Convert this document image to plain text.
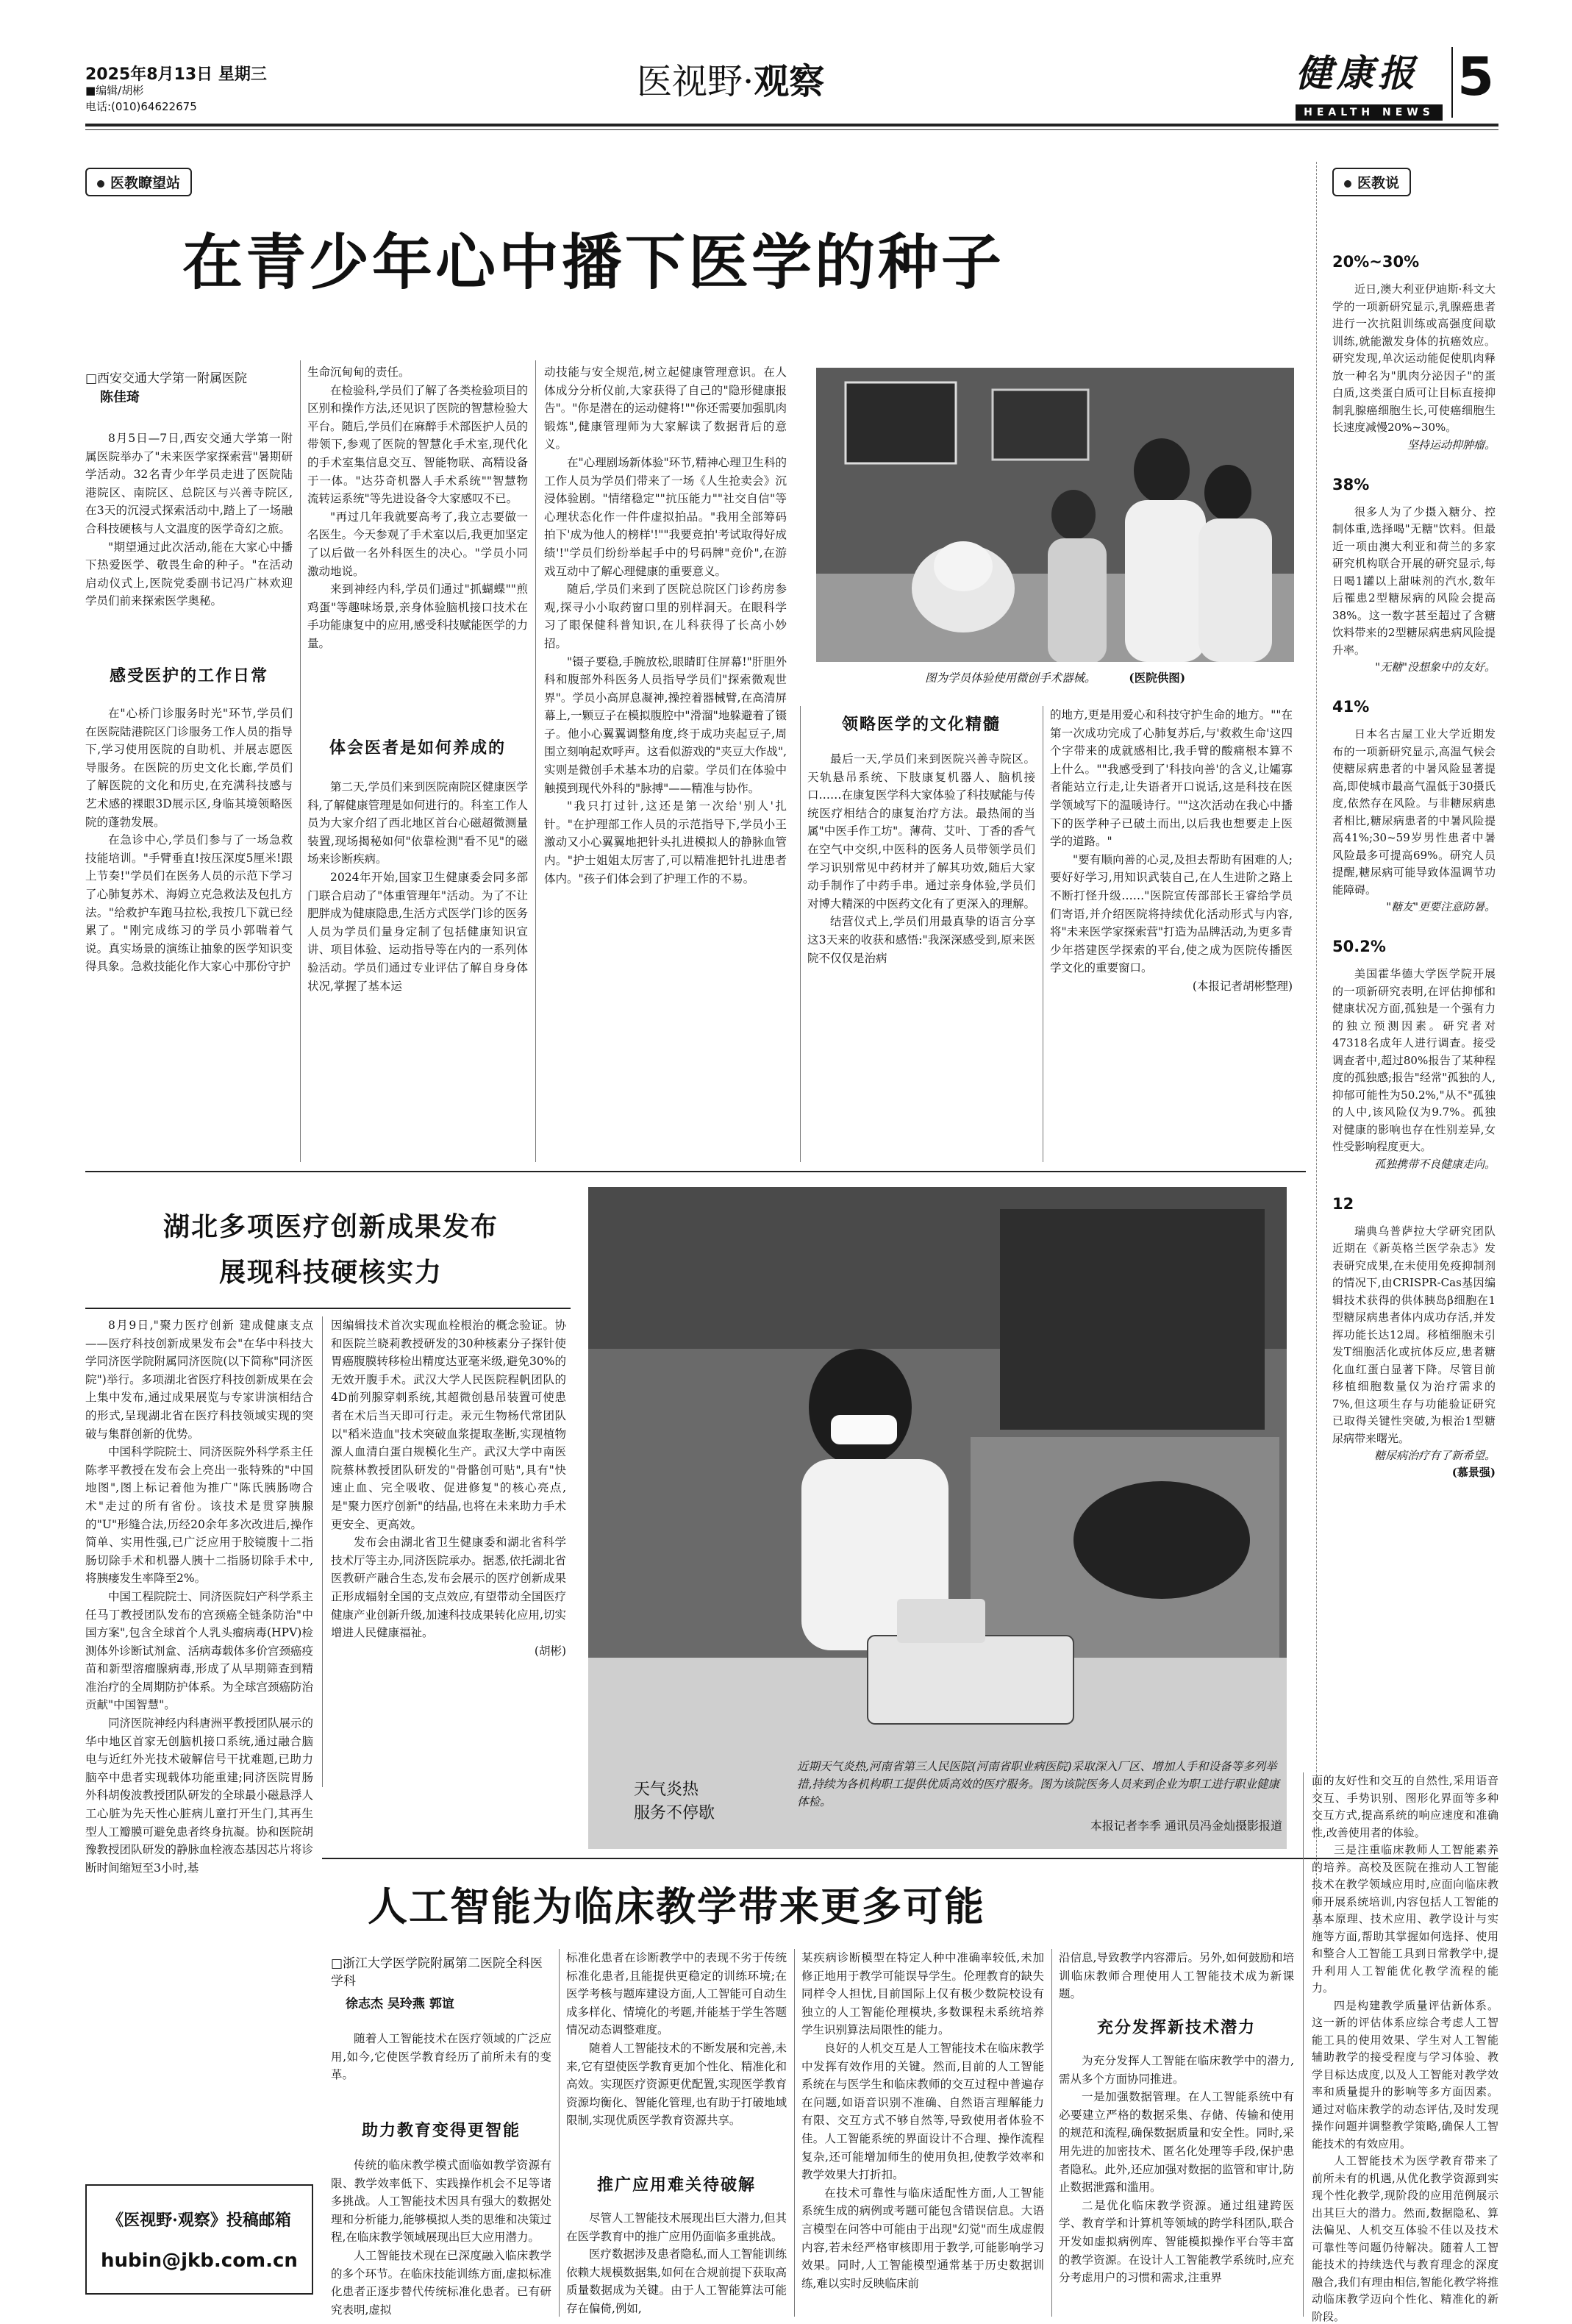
2025年8月13日 星期三
■编辑/胡彬
电话:(010)64622675
医视野·观察	健康报
HEALTH NEWS
5
医教瞭望站
在青少年心中播下医学的种子
□西安交通大学第一附属医院
陈佳琦

8月5日—7日,西安交通大学第一附属医院举办了"未来医学家探索营"暑期研学活动。32名青少年学员走进了医院陆港院区、南院区、总院区与兴善寺院区,在3天的沉浸式探索活动中,踏上了一场融合科技硬核与人文温度的医学奇幻之旅。

"期望通过此次活动,能在大家心中播下热爱医学、敬畏生命的种子。"在活动启动仪式上,医院党委副书记冯广林欢迎学员们前来探索医学奥秘。

感受医护的工作日常

在"心桥门诊服务时光"环节,学员们在医院陆港院区门诊服务工作人员的指导下,学习使用医院的自助机、并展志愿医导服务。在医院的历史文化长廊,学员们了解医院的文化和历史,在充满科技感与艺术感的裸眼3D展示区,身临其境领略医院的蓬勃发展。

在急诊中心,学员们参与了一场急救技能培训。"手臂垂直!按压深度5厘米!跟上节奏!"学员们在医务人员的示范下学习了心肺复苏术、海姆立克急救法及包扎方法。"给救护车跑马拉松,我按几下就已经累了。"刚完成练习的学员小郭喘着气说。真实场景的演练让抽象的医学知识变得具象。急救技能化作大家心中那份守护

生命沉甸甸的责任。

在检验科,学员们了解了各类检验项目的区别和操作方法,还见识了医院的智慧检验大平台。随后,学员们在麻醉手术部医护人员的带领下,参观了医院的智慧化手术室,现代化的手术室集信息交互、智能物联、高精设备于一体。"达芬奇机器人手术系统""智慧物流转运系统"等先进设备令大家感叹不已。

"再过几年我就要高考了,我立志要做一名医生。今天参观了手术室以后,我更加坚定了以后做一名外科医生的决心。"学员小同激动地说。

来到神经内科,学员们通过"抓蝴蝶""煎鸡蛋"等趣味场景,亲身体验脑机接口技术在手功能康复中的应用,感受科技赋能医学的力量。

体会医者是如何养成的

第二天,学员们来到医院南院区健康医学科,了解健康管理是如何进行的。科室工作人员为大家介绍了西北地区首台心磁超微测量装置,现场揭秘如何"依靠检测"看不见"的磁场来诊断疾病。

2024年开始,国家卫生健康委会同多部门联合启动了"体重管理年"活动。为了不让肥胖成为健康隐患,生活方式医学门诊的医务人员为学员们量身定制了包括健康知识宣讲、项目体验、运动指导等在内的一系列体验活动。学员们通过专业评估了解自身身体状况,掌握了基本运

动技能与安全规范,树立起健康管理意识。在人体成分分析仪前,大家获得了自己的"隐形健康报告"。"你是潜在的运动健将!""你还需要加强肌肉锻炼",健康管理师为大家解读了数据背后的意义。

在"心理剧场新体验"环节,精神心理卫生科的工作人员为学员们带来了一场《人生抢卖会》沉浸体验剧。"情绪稳定""抗压能力""社交自信"等心理状态化作一件件虚拟拍品。"我用全部筹码拍下'成为他人的榜样'!""我要竞拍'考试取得好成绩'!"学员们纷纷举起手中的号码牌"竞价",在游戏互动中了解心理健康的重要意义。

随后,学员们来到了医院总院区门诊药房参观,探寻小小取药窗口里的别样洞天。在眼科学习了眼保健科普知识,在儿科获得了长高小妙招。

"镊子要稳,手腕放松,眼睛盯住屏幕!"肝胆外科和腹部外科医务人员指导学员们"探索微观世界"。学员小高屏息凝神,操控着器械臂,在高清屏幕上,一颗豆子在模拟腹腔中"滑溜"地躲避着了镊子。他小心翼翼调整角度,终于成功夹起豆子,周围立刻响起欢呼声。这看似游戏的"夹豆大作战",实则是微创手术基本功的启蒙。学员们在体验中触摸到现代外科的"脉搏"——精准与协作。

"我只打过针,这还是第一次给'别人'扎针。"在护理部工作人员的示范指导下,学员小王激动又小心翼翼地把针头扎进模拟人的静脉血管内。"护士姐姐太厉害了,可以精准把针扎进患者体内。"孩子们体会到了护理工作的不易。

图为学员体验使用微创手术器械。	(医院供图)
领略医学的文化精髓

最后一天,学员们来到医院兴善寺院区。天轨悬吊系统、下肢康复机器人、脑机接口……在康复医学科大家体验了科技赋能与传统医疗相结合的康复治疗方法。最热闹的当属"中医手作工坊"。薄荷、艾叶、丁香的香气在空气中交织,中医科的医务人员带领学员们学习识别常见中药材并了解其功效,随后大家动手制作了中药手串。通过亲身体验,学员们对博大精深的中医药文化有了更深入的理解。

结营仪式上,学员们用最真挚的语言分享这3天来的收获和感悟:"我深深感受到,原来医院不仅仅是治病

的地方,更是用爱心和科技守护生命的地方。""在第一次成功完成了心肺复苏后,与'救救生命'这四个字带来的成就感相比,我手臂的酸痛根本算不上什么。""我感受到了'科技向善'的含义,让孀寡者能站立行走,让失语者开口说话,这是科技在医学领域写下的温暖诗行。""这次活动在我心中播下的医学种子已破土而出,以后我也想要走上医学的道路。"

"要有顺向善的心灵,及担去帮助有困难的人;要好好学习,用知识武装自己,在人生进阶之路上不断打怪升级……"医院宣传部部长王睿给学员们寄语,并介绍医院将持续优化活动形式与内容,将"未来医学家探索营"打造为品牌活动,为更多青少年搭建医学探索的平台,使之成为医院传播医学文化的重要窗口。

(本报记者胡彬整理)

医教说
20%~30%

近日,澳大利亚伊迪斯·科文大学的一项新研究显示,乳腺癌患者进行一次抗阻训练或高强度间歇训练,就能激发身体的抗癌效应。研究发现,单次运动能促使肌肉释放一种名为"肌肉分泌因子"的蛋白质,这类蛋白质可让目标直接抑制乳腺癌细胞生长,可使癌细胞生长速度减慢20%~30%。

坚持运动抑肿瘤。
38%

很多人为了少摄入糖分、控制体重,选择喝"无糖"饮料。但最近一项由澳大利亚和荷兰的多家研究机构联合开展的研究显示,每日喝1罐以上甜味剂的汽水,数年后罹患2型糖尿病的风险会提高38%。这一数字甚至超过了含糖饮料带来的2型糖尿病患病风险提升率。

"无糖"没想象中的友好。
41%

日本名古屋工业大学近期发布的一项新研究显示,高温气候会使糖尿病患者的中暑风险显著提高,即使城市最高气温低于30摄氏度,依然存在风险。与非糖尿病患者相比,糖尿病患者的中暑风险提高41%;30~59岁男性患者中暑风险最多可提高69%。研究人员提醒,糖尿病可能导致体温调节功能障碍。

"糖友"更要注意防暑。
50.2%

美国霍华德大学医学院开展的一项新研究表明,在评估抑郁和健康状况方面,孤独是一个强有力的独立预测因素。研究者对47318名成年人进行调查。接受调查者中,超过80%报告了某种程度的孤独感;报告"经常"孤独的人,抑郁可能性为50.2%,"从不"孤独的人中,该风险仅为9.7%。孤独对健康的影响也存在性别差异,女性受影响程度更大。

孤独携带不良健康走向。
12

瑞典乌普萨拉大学研究团队近期在《新英格兰医学杂志》发表研究成果,在未使用免疫抑制剂的情况下,由CRISPR-Cas基因编辑技术获得的供体胰岛β细胞在1型糖尿病患者体内成功存活,并发挥功能长达12周。移植细胞未引发T细胞活化或抗体反应,患者糖化血红蛋白显著下降。尽管目前移植细胞数量仅为治疗需求的7%,但这项生存与功能验证研究已取得关键性突破,为根治1型糖尿病带来曙光。

糖尿病治疗有了新希望。
(慕景强)
湖北多项医疗创新成果发布
展现科技硬核实力

8月9日,"聚力医疗创新 建成健康支点——医疗科技创新成果发布会"在华中科技大学同济医学院附属同济医院(以下简称"同济医院")举行。多项湖北省医疗科技创新成果在会上集中发布,通过成果展览与专家讲演相结合的形式,呈现湖北省在医疗科技领域实现的突破与集群创新的优势。

中国科学院院士、同济医院外科学系主任陈孝平教授在发布会上亮出一张特殊的"中国地图",图上标记着他为推广"陈氏胰肠吻合术"走过的所有省份。该技术是贯穿胰腺的"U"形缝合法,历经20余年多次改进后,操作简单、实用性强,已广泛应用于胶镜腹十二指肠切除手术和机器人胰十二指肠切除手术中,将胰瘘发生率降至2%。

中国工程院院士、同济医院妇产科学系主任马丁教授团队发布的宫颈癌全链条防治"中国方案",包含全球首个人乳头瘤病毒(HPV)检测体外诊断试剂盒、活病毒载体多价宫颈癌疫苗和新型溶瘤腺病毒,形成了从早期筛查到精准治疗的全周期防护体系。为全球宫颈癌防治贡献"中国智慧"。

同济医院神经内科唐洲平教授团队展示的华中地区首家无创脑机接口系统,通过融合脑电与近红外光技术破解信号干扰难题,已助力脑卒中患者实现载体功能重建;同济医院胃肠外科胡俊波教授团队研发的全球最小磁悬浮人工心脏为先天性心脏病儿童打开生门,其再生型人工瓣膜可避免患者终身抗凝。协和医院胡豫教授团队研发的静脉血栓液态基因芯片将诊断时间缩短至3小时,基

因编辑技术首次实现血栓根治的概念验证。协和医院兰晓莉教授研发的30种核素分子探针使胃癌腹膜转移检出精度达亚毫米级,避免30%的无效开腹手术。武汉大学人民医院程帆团队的4D前列腺穿刺系统,其超微创悬吊装置可使患者在术后当天即可行走。汞元生物杨代常团队以"稻米造血"技术突破血浆提取垄断,实现植物源人血清白蛋白规模化生产。武汉大学中南医院蔡林教授团队研发的"骨骼创可贴",具有"快速止血、完全吸收、促进修复"的核心亮点,是"聚力医疗创新"的结晶,也将在未来助力手术更安全、更高效。

发布会由湖北省卫生健康委和湖北省科学技术厅等主办,同济医院承办。据悉,依托湖北省医教研产融合生态,发布会展示的医疗创新成果正形成辐射全国的支点效应,有望带动全国医疗健康产业创新升级,加速科技成果转化应用,切实增进人民健康福祉。

(胡彬)

天气炎热
服务不停歇
近期天气炎热,河南省第三人民医院(河南省职业病医院)采取深入厂区、增加人手和设备等多列举措,持续为各机构职工提供优质高效的医疗服务。图为该院医务人员来到企业为职工进行职业健康体检。
本报记者李季 通讯员冯金灿摄影报道
人工智能为临床教学带来更多可能
□浙江大学医学院附属第二医院全科医学科
徐志杰 吴玲燕 郭谊

随着人工智能技术在医疗领域的广泛应用,如今,它使医学教育经历了前所未有的变革。

助力教育变得更智能

传统的临床教学模式面临如教学资源有限、教学效率低下、实践操作机会不足等诸多挑战。人工智能技术因具有强大的数据处理和分析能力,能够模拟人类的思维和决策过程,在临床教学领域展现出巨大应用潜力。

人工智能技术现在已深度融入临床教学的多个环节。在临床技能训练方面,虚拟标准化患者正逐步替代传统标准化患者。已有研究表明,虚拟

标准化患者在诊断教学中的表现不劣于传统标准化患者,且能提供更稳定的训练环境;在医学考核与题库建设方面,人工智能可自动生成多样化、情境化的考题,并能基于学生答题情况动态调整难度。

随着人工智能技术的不断发展和完善,未来,它有望使医学教育更加个性化、精准化和高效。实现医疗资源更优配置,实现医学教育资源均衡化、智能化管理,也有助于打破地域限制,实现优质医学教育资源共享。

推广应用难关待破解

尽管人工智能技术展现出巨大潜力,但其在医学教育中的推广应用仍面临多重挑战。

医疗数据涉及患者隐私,而人工智能训练依赖大规模数据集,如何在合规前提下获取高质量数据成为关键。由于人工智能算法可能存在偏倚,例如,

某疾病诊断模型在特定人种中准确率较低,未加修正地用于教学可能误导学生。伦理教育的缺失同样令人担忧,目前国际上仅有极少数院校设有独立的人工智能伦理模块,多数课程未系统培养学生识别算法局限性的能力。

良好的人机交互是人工智能技术在临床教学中发挥有效作用的关键。然而,目前的人工智能系统在与医学生和临床教师的交互过程中普遍存在问题,如语音识别不准确、自然语言理解能力有限、交互方式不够自然等,导致使用者体验不佳。人工智能系统的界面设计不合理、操作流程复杂,还可能增加师生的使用负担,使教学效率和教学效果大打折扣。

在技术可靠性与临床适配性方面,人工智能系统生成的病例或考题可能包含错误信息。大语言模型在问答中可能由于出现"幻觉"而生成虚假内容,若未经严格审核即用于教学,可能影响学习效果。同时,人工智能模型通常基于历史数据训练,难以实时反映临床前

沿信息,导致教学内容滞后。另外,如何鼓励和培训临床教师合理使用人工智能技术成为新课题。

充分发挥新技术潜力

为充分发挥人工智能在临床教学中的潜力,需从多个方面协同推进。

一是加强数据管理。在人工智能系统中有必要建立严格的数据采集、存储、传输和使用的规范和流程,确保数据质量和安全性。同时,采用先进的加密技术、匿名化处理等手段,保护患者隐私。此外,还应加强对数据的监管和审计,防止数据泄露和滥用。

二是优化临床教学资源。通过组建跨医学、教育学和计算机等领域的跨学科团队,联合开发如虚拟病例库、智能模拟操作平台等丰富的教学资源。在设计人工智能教学系统时,应充分考虑用户的习惯和需求,注重界

面的友好性和交互的自然性,采用语音交互、手势识别、图形化界面等多种交互方式,提高系统的响应速度和准确性,改善使用者的体验。

三是注重临床教师人工智能素养的培养。高校及医院在推动人工智能技术在教学领域应用时,应面向临床教师开展系统培训,内容包括人工智能的基本原理、技术应用、教学设计与实施等方面,帮助其掌握如何选择、使用和整合人工智能工具到日常教学中,提升利用人工智能优化教学流程的能力。

四是构建教学质量评估新体系。这一新的评估体系应综合考虑人工智能工具的使用效果、学生对人工智能辅助教学的接受程度与学习体验、教学目标达成度,以及人工智能对教学效率和质量提升的影响等多方面因素。通过对临床教学的动态评估,及时发现操作问题并调整教学策略,确保人工智能技术的有效应用。

人工智能技术为医学教育带来了前所未有的机遇,从优化教学资源到实现个性化教学,现阶段的应用范例展示出其巨大的潜力。然而,数据隐私、算法偏见、人机交互体验不佳以及技术可靠性等问题仍待解决。随着人工智能技术的持续迭代与教育理念的深度融合,我们有理由相信,智能化教学将推动临床教学迈向个性化、精准化的新阶段。

《医视野·观察》投稿邮箱
hubin@jkb.com.cn
